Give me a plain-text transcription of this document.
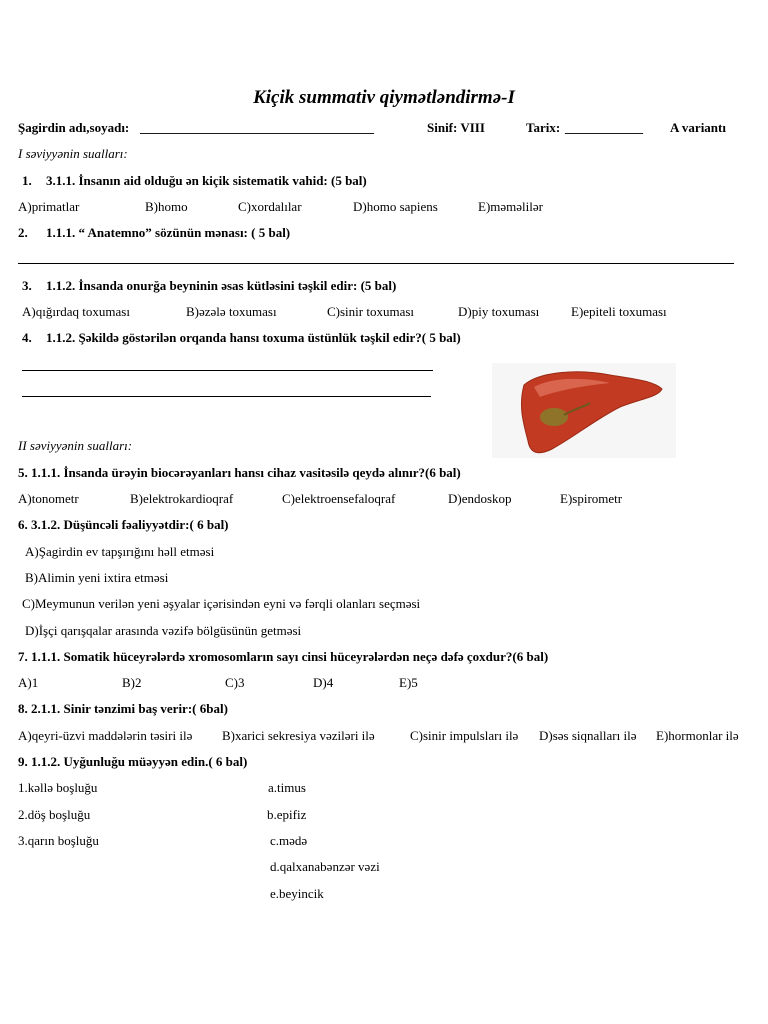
Kiçik summativ qiymətləndirmə-I
Şagirdin adı,soyadı: ____________________________________	Sinif: VIII	Tarix: ____________ A variantı
I səviyyənin sualları:
1. 3.1.1. İnsanın aid olduğu ən kiçik sistematik vahid: (5 bal)
A)primatlar	B)homo	C)xordalılar	D)homo sapiens	E)məməlilər
2. 1.1.1. “ Anatemno” sözünün mənası: ( 5 bal)
3. 1.1.2. İnsanda onurğa beyninin əsas kütləsini təşkil edir: (5 bal)
A)qığırdaq toxuması	B)əzələ toxuması	C)sinir toxuması	D)piy toxuması E)epiteli toxuması
4. 1.1.2. Şəkildə göstərilən orqanda hansı toxuma üstünlük təşkil edir?( 5 bal)
II səviyyənin sualları:
5. 1.1.1. İnsanda ürəyin biocərəyanları hansı cihaz vasitəsilə qeydə alınır?(6 bal)
A)tonometr	B)elektrokardioqraf	C)elektroensefaloqraf	D)endoskop	E)spirometr
6. 3.1.2. Düşüncəli fəaliyyətdir:( 6 bal)
A)Şagirdin ev tapşırığını həll etməsi
B)Alimin yeni ixtira etməsi
C)Meymunun verilən yeni əşyalar içərisindən eyni və fərqli olanları seçməsi
D)İşçi qarışqalar arasında vəzifə bölgüsünün getməsi
7. 1.1.1. Somatik hüceyrələrdə xromosomların sayı cinsi hüceyrələrdən neçə dəfə çoxdur?(6 bal)
A)1	B)2	C)3	D)4	E)5
8. 2.1.1. Sinir tənzimi baş verir:( 6bal)
A)qeyri-üzvi maddələrin təsiri ilə B)xarici sekresiya vəziləri ilə	C)sinir impulsları ilə D)səs siqnalları ilə E)hormonlar ilə
9. 1.1.2. Uyğunluğu müəyyən edin.( 6 bal)
1.kəllə boşluğu
2.döş boşluğu
3.qarın boşluğu
a.timus
b.epifiz
c.mədə
d.qalxanabənzər vəzi
e.beyincik
